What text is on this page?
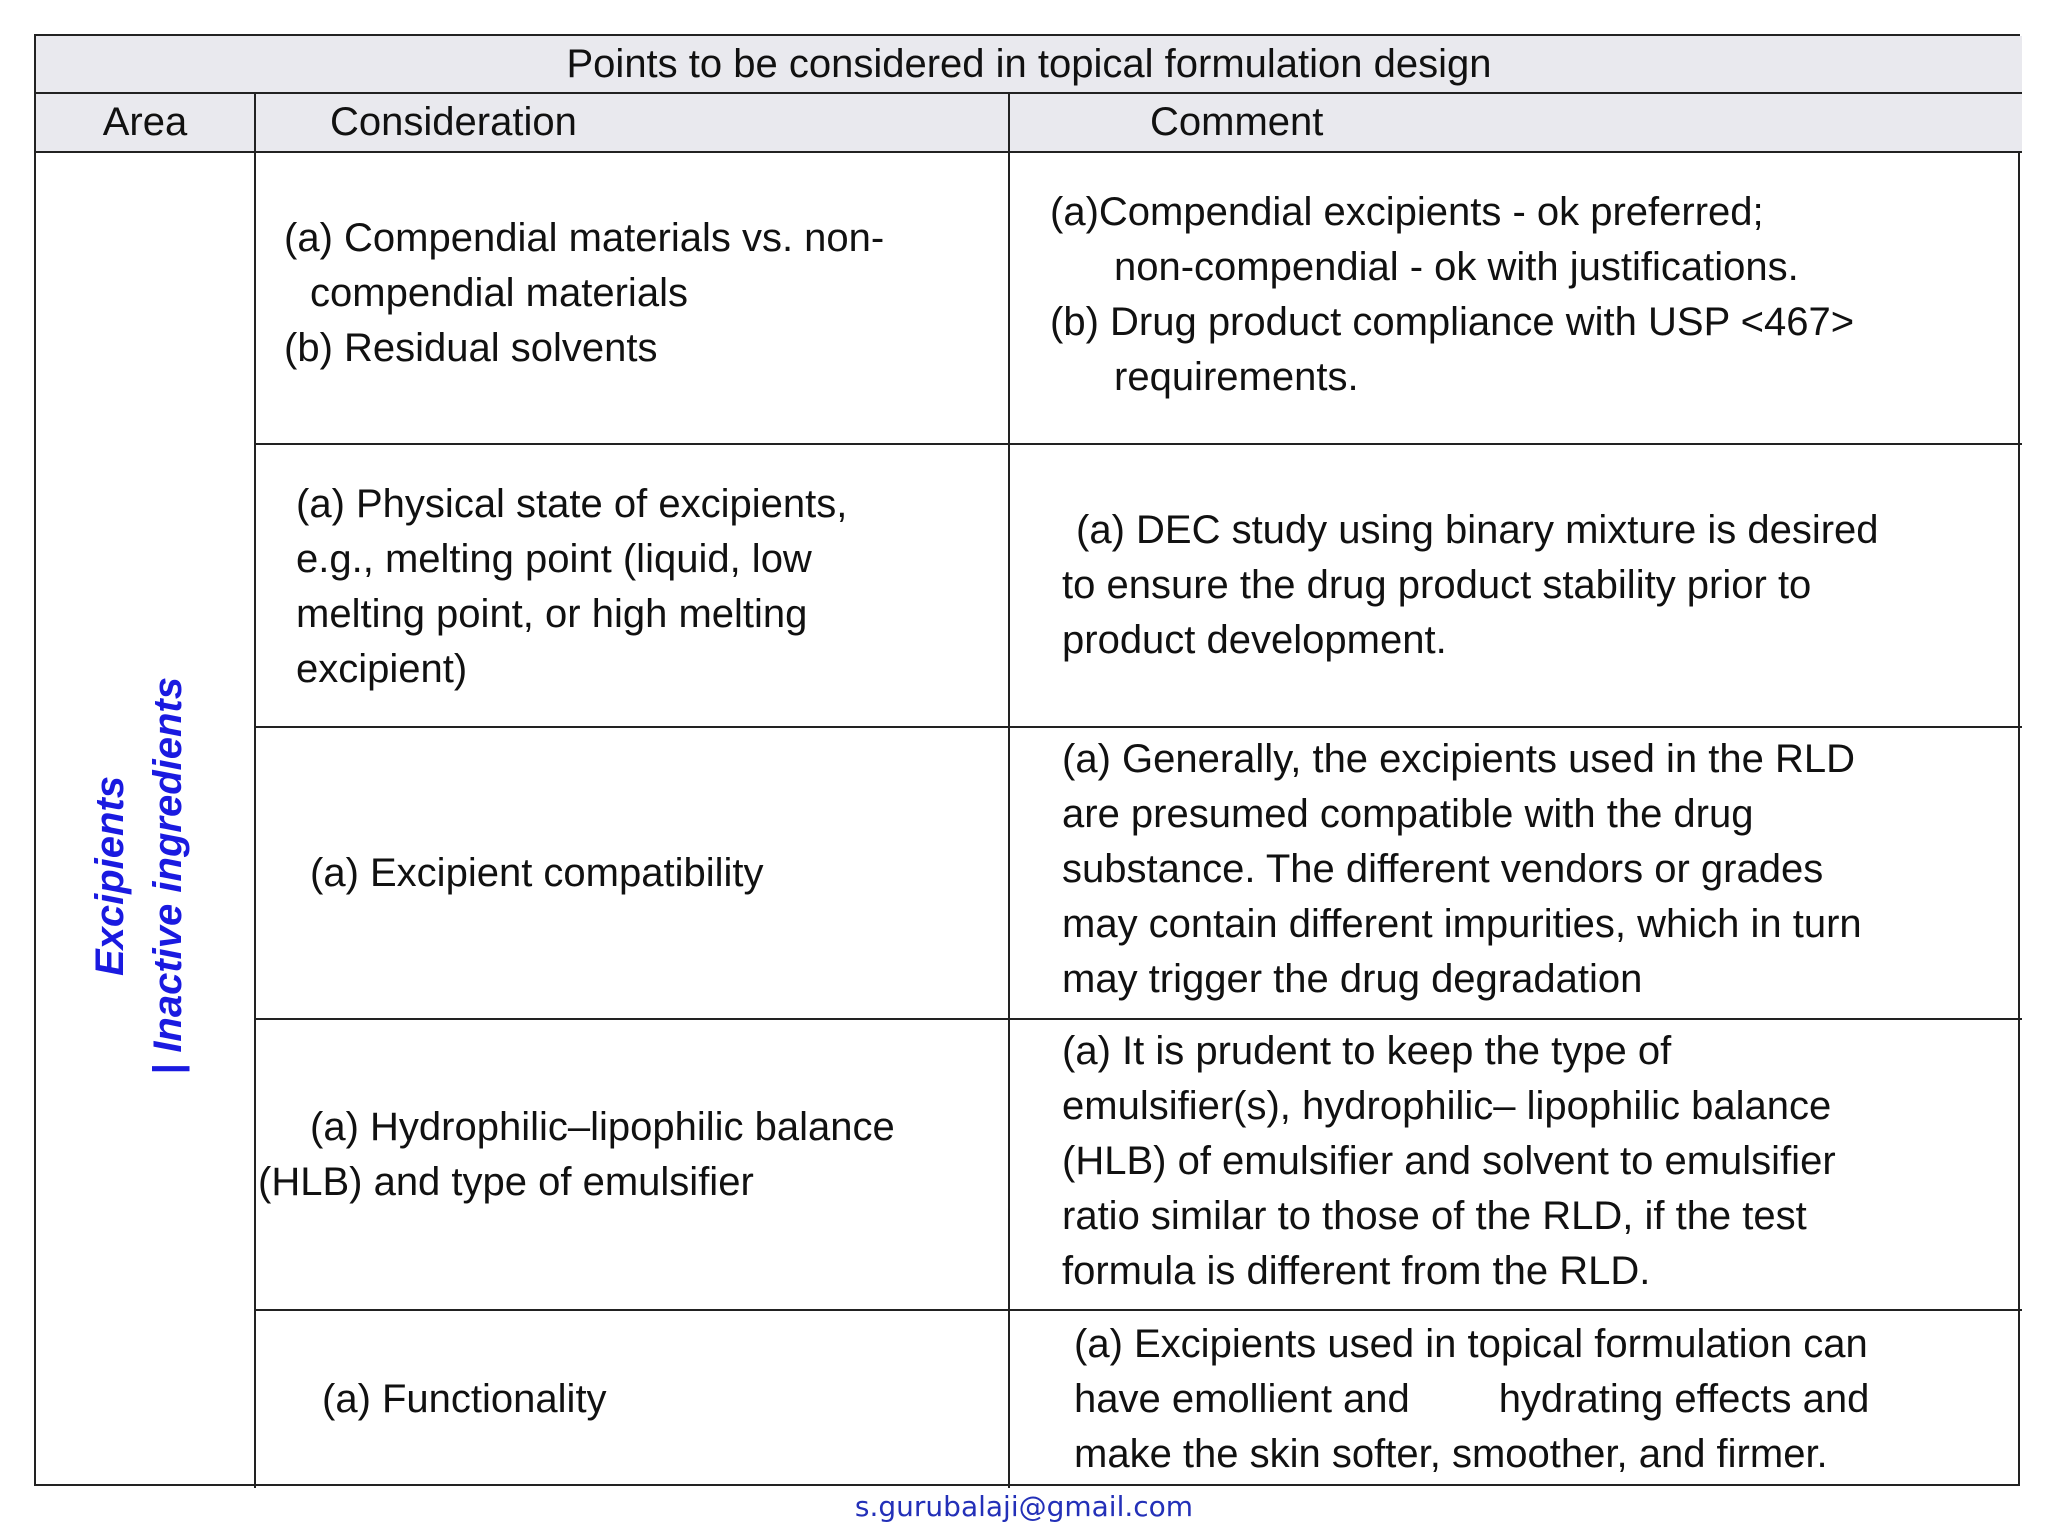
Points to be considered in topical formulation design
Area	Consideration	Comment
Excipients | Inactive ingredients

(a) Compendial materials vs. non-

compendial materials

(b) Residual solvents

(a)Compendial excipients - ok preferred;

non-compendial - ok with justifications.

(b) Drug product compliance with USP <467>

requirements.

(a) Physical state of excipients,

e.g., melting point (liquid, low

melting point, or high melting

excipient)

(a) DEC study using binary mixture is desired

to ensure the drug product stability prior to

product development.

(a) Excipient compatibility

(a) Generally, the excipients used in the RLD

are presumed compatible with the drug

substance. The different vendors or grades

may contain different impurities, which in turn

may trigger the drug degradation

(a) Hydrophilic–lipophilic balance

(HLB) and type of emulsifier

(a) It is prudent to keep the type of

emulsifier(s), hydrophilic– lipophilic balance

(HLB) of emulsifier and solvent to emulsifier

ratio similar to those of the RLD, if the test

formula is different from the RLD.

(a) Functionality

(a) Excipients used in topical formulation can

have emollient and        hydrating effects and

make the skin softer, smoother, and firmer.

s.gurubalaji@gmail.com
